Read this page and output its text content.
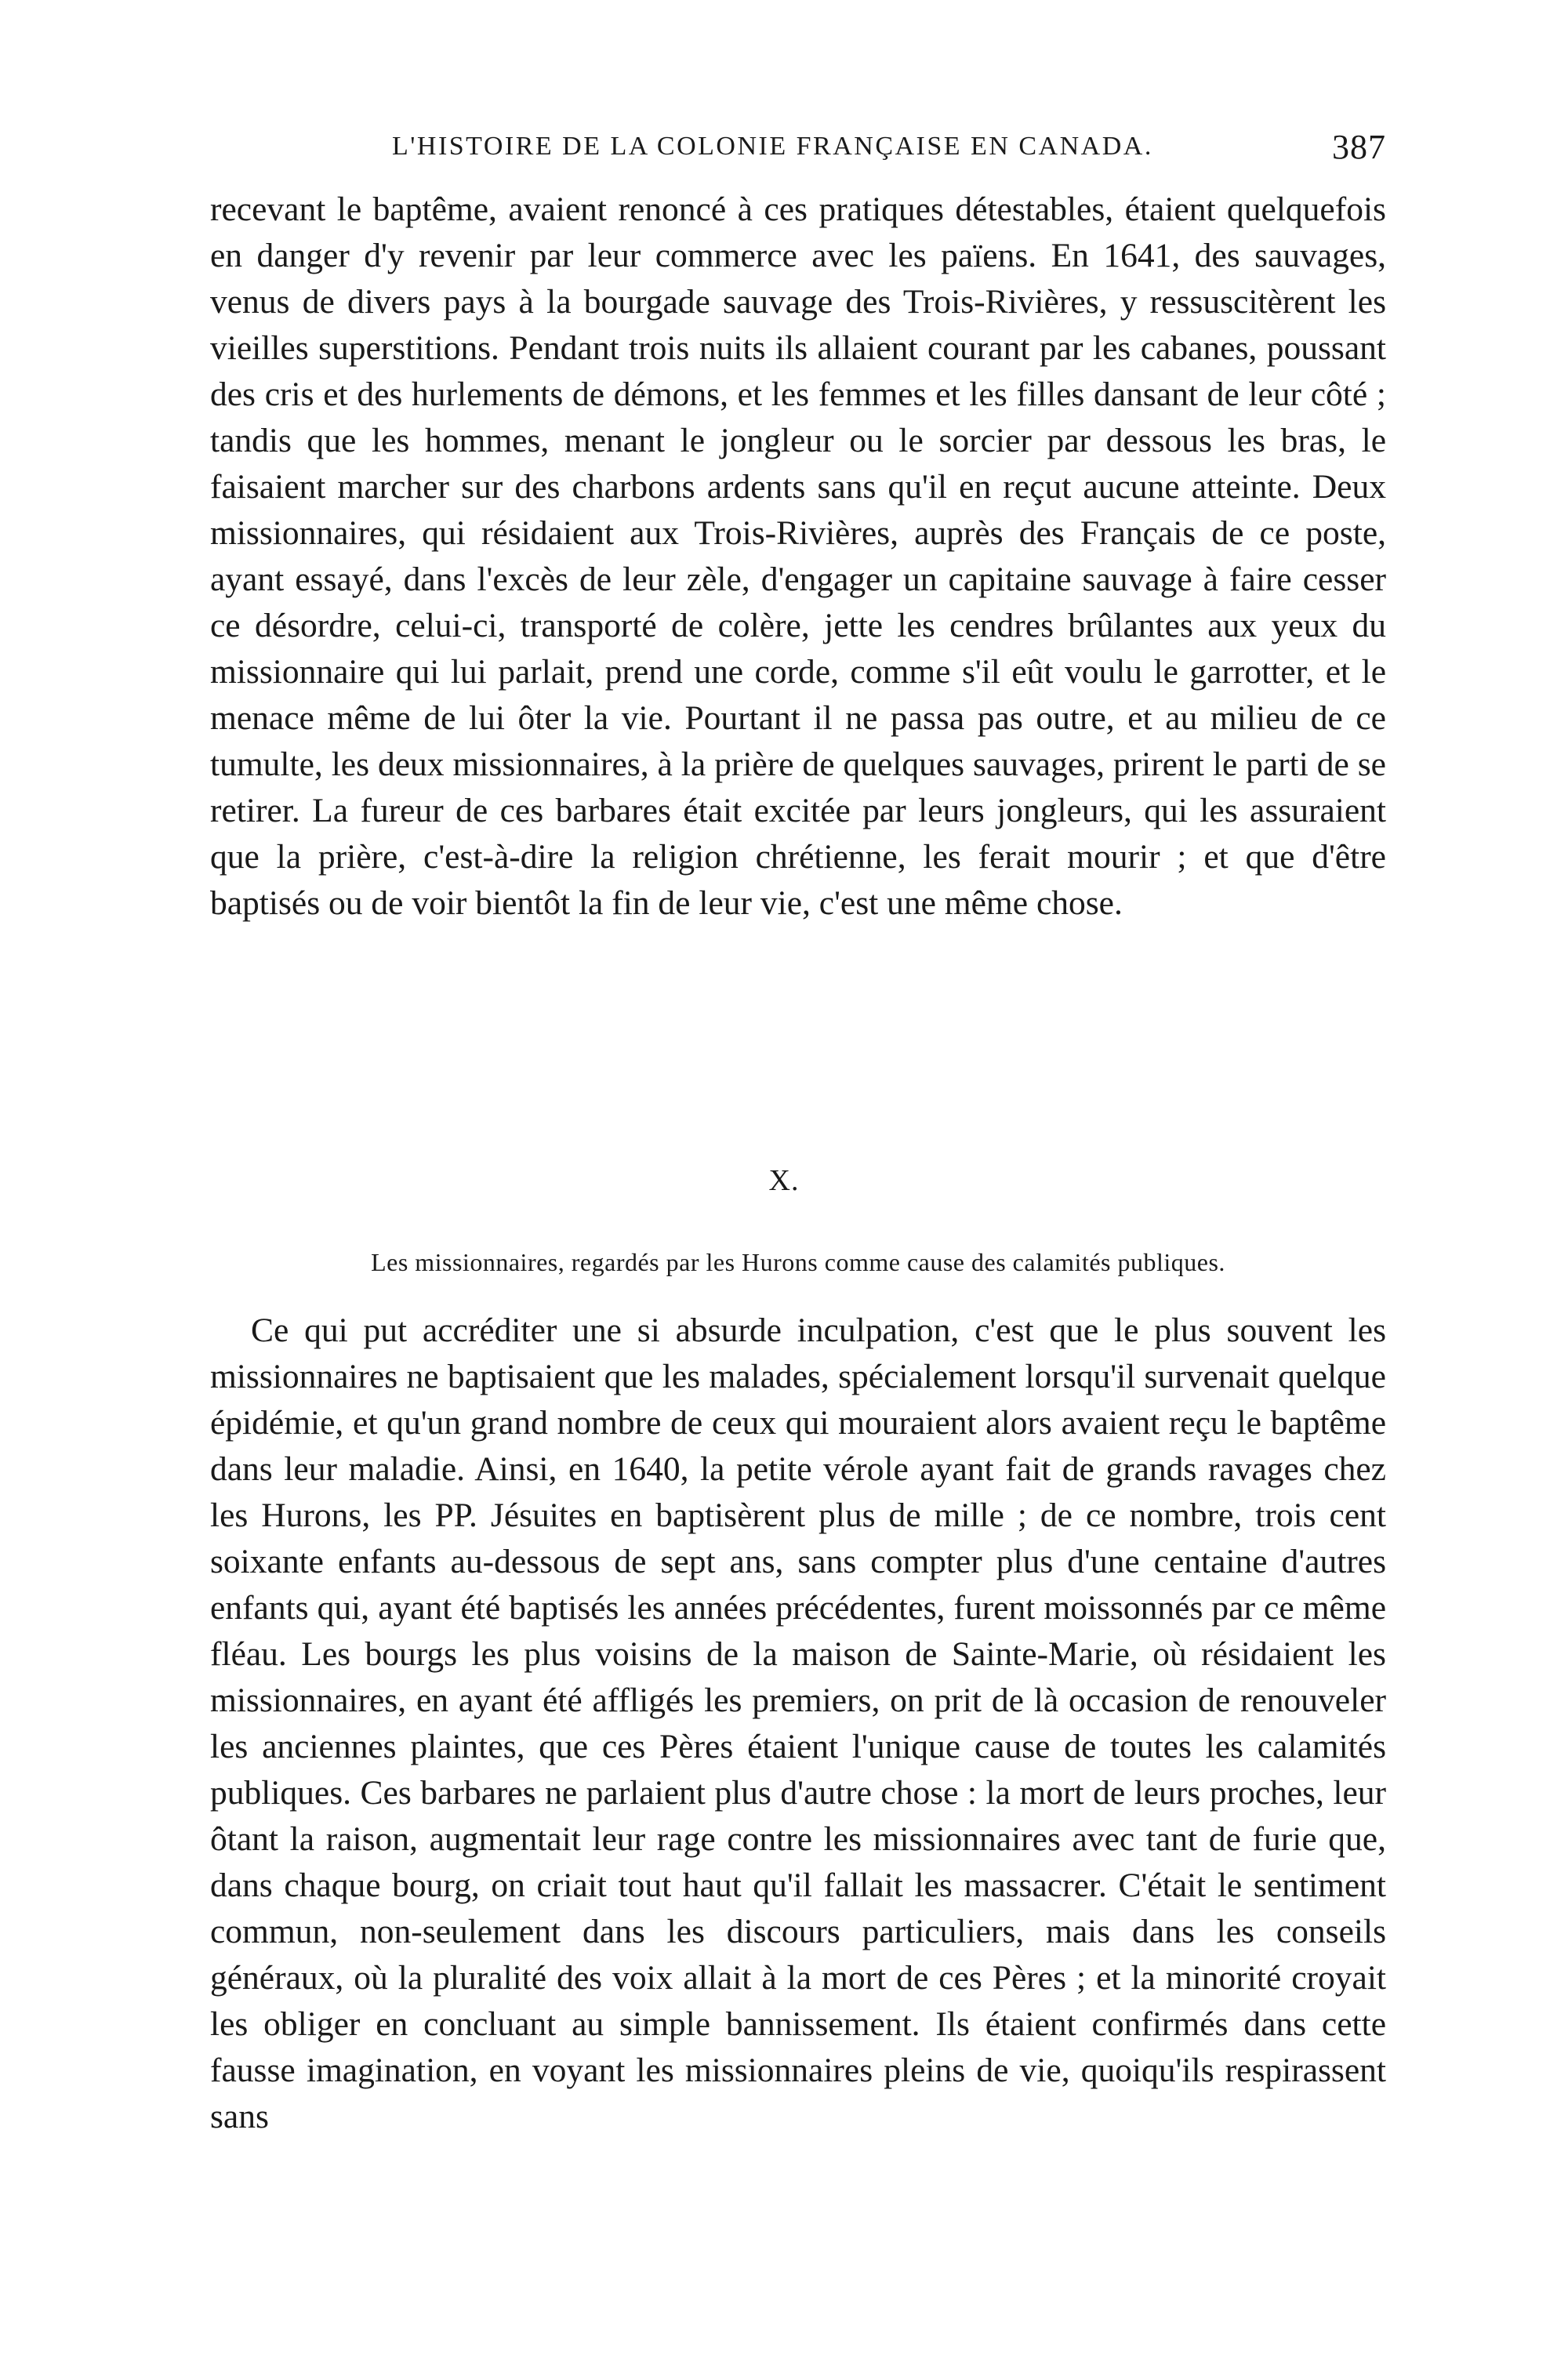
L'HISTOIRE DE LA COLONIE FRANÇAISE EN CANADA.	387

recevant le baptême, avaient renoncé à ces pratiques détestables, étaient quelquefois en danger d'y revenir par leur commerce avec les païens. En 1641, des sauvages, venus de divers pays à la bourgade sauvage des Trois-Rivières, y ressuscitèrent les vieilles superstitions. Pendant trois nuits ils allaient courant par les cabanes, poussant des cris et des hurlements de démons, et les femmes et les filles dansant de leur côté ; tandis que les hommes, menant le jongleur ou le sorcier par dessous les bras, le faisaient marcher sur des charbons ardents sans qu'il en reçut aucune atteinte. Deux missionnaires, qui résidaient aux Trois-Rivières, auprès des Français de ce poste, ayant essayé, dans l'excès de leur zèle, d'engager un capitaine sauvage à faire cesser ce désordre, celui-ci, transporté de colère, jette les cendres brûlantes aux yeux du missionnaire qui lui parlait, prend une corde, comme s'il eût voulu le garrotter, et le menace même de lui ôter la vie. Pourtant il ne passa pas outre, et au milieu de ce tumulte, les deux missionnaires, à la prière de quelques sauvages, prirent le parti de se retirer. La fureur de ces barbares était excitée par leurs jongleurs, qui les assuraient que la prière, c'est-à-dire la religion chrétienne, les ferait mourir ; et que d'être baptisés ou de voir bientôt la fin de leur vie, c'est une même chose.

X.
Les missionnaires, regardés par les Hurons comme cause des calamités publiques.

Ce qui put accréditer une si absurde inculpation, c'est que le plus souvent les missionnaires ne baptisaient que les malades, spécialement lorsqu'il survenait quelque épidémie, et qu'un grand nombre de ceux qui mouraient alors avaient reçu le baptême dans leur maladie. Ainsi, en 1640, la petite vérole ayant fait de grands ravages chez les Hurons, les PP. Jésuites en baptisèrent plus de mille ; de ce nombre, trois cent soixante enfants au-dessous de sept ans, sans compter plus d'une centaine d'autres enfants qui, ayant été baptisés les années précédentes, furent moissonnés par ce même fléau. Les bourgs les plus voisins de la maison de Sainte-Marie, où résidaient les missionnaires, en ayant été affligés les premiers, on prit de là occasion de renouveler les anciennes plaintes, que ces Pères étaient l'unique cause de toutes les calamités publiques. Ces barbares ne parlaient plus d'autre chose : la mort de leurs proches, leur ôtant la raison, augmentait leur rage contre les missionnaires avec tant de furie que, dans chaque bourg, on criait tout haut qu'il fallait les massacrer. C'était le sentiment commun, non-seulement dans les discours particuliers, mais dans les conseils généraux, où la pluralité des voix allait à la mort de ces Pères ; et la minorité croyait les obliger en concluant au simple bannissement. Ils étaient confirmés dans cette fausse imagination, en voyant les missionnaires pleins de vie, quoiqu'ils respirassent sans
